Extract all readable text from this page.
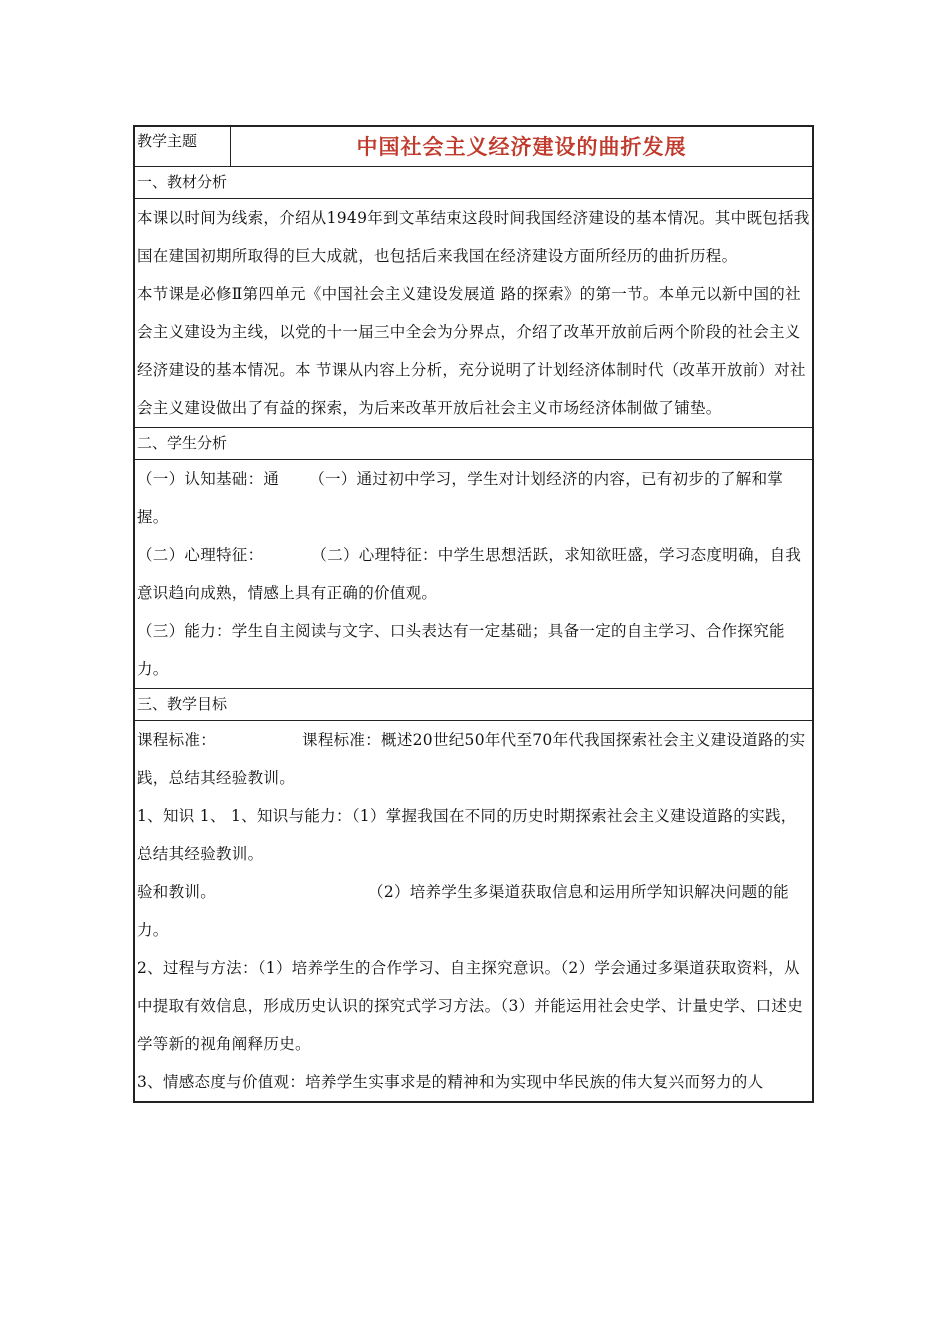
教学主题	中国社会主义经济建设的曲折发展
一、教材分析

本课以时间为线索，介绍从1949年到文革结束这段时间我国经济建设的基本情况。其中既包括我国在建国初期所取得的巨大成就，也包括后来我国在经济建设方面所经历的曲折历程。

本节课是必修Ⅱ第四单元《中国社会主义建设发展道 路的探索》的第一节。本单元以新中国的社会主义建设为主线，以党的十一届三中全会为分界点，介绍了改革开放前后两个阶段的社会主义经济建设的基本情况。本 节课从内容上分析，充分说明了计划经济体制时代（改革开放前）对社会主义建设做出了有益的探索，为后来改革开放后社会主义市场经济体制做了铺垫。

二、学生分析

（一）认知基础：通 （一）通过初中学习，学生对计划经济的内容，已有初步的了解和掌握。

（二）心理特征：	（二）心理特征：中学生思想活跃，求知欲旺盛，学习态度明确，自我意识趋向成熟，情感上具有正确的价值观。

（三）能力：学生自主阅读与文字、口头表达有一定基础；具备一定的自主学习、合作探究能力。

三、教学目标

课程标准：	课程标准：概述20世纪50年代至70年代我国探索社会主义建设道路的实践，总结其经验教训。

1、知识 1、 1、知识与能力：（1）掌握我国在不同的历史时期探索社会主义建设道路的实践，总结其经验教训。

验和教训。	（2）培养学生多渠道获取信息和运用所学知识解决问题的能力。

2、过程与方法：（1）培养学生的合作学习、自主探究意识。（2）学会通过多渠道获取资料，从中提取有效信息，形成历史认识的探究式学习方法。（3）并能运用社会史学、计量史学、口述史学等新的视角阐释历史。

3、情感态度与价值观：培养学生实事求是的精神和为实现中华民族的伟大复兴而努力的人
